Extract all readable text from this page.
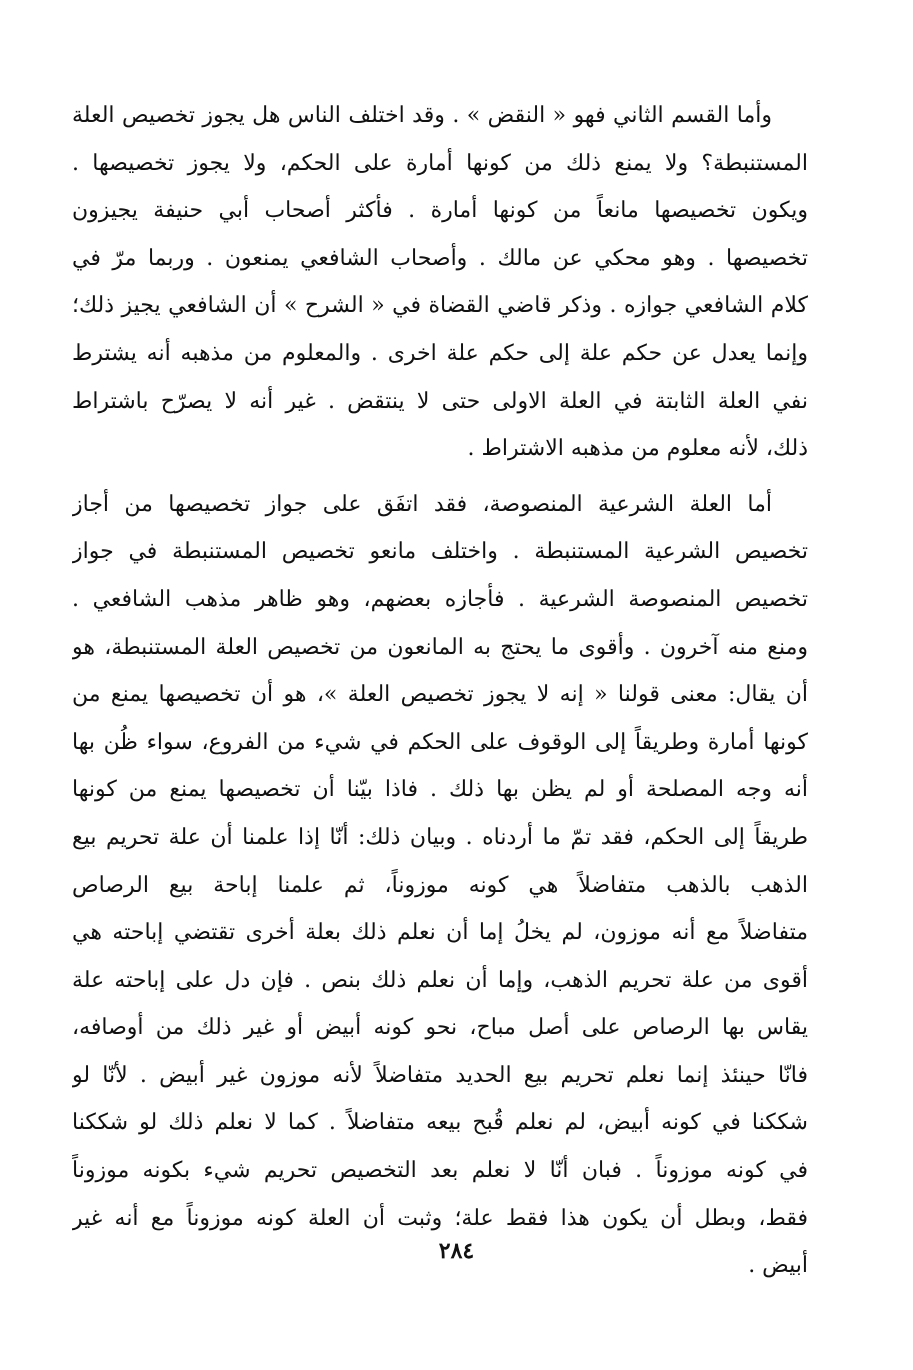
وأما القسم الثاني فهو « النقض » . وقد اختلف الناس هل يجوز تخصيص العلة
المستنبطة؟ ولا يمنع ذلك من كونها أمارة على الحكم، ولا يجوز تخصيصها .
ويكون تخصيصها مانعاً من كونها أمارة . فأكثر أصحاب أبي حنيفة يجيزون
تخصيصها . وهو محكي عن مالك . وأصحاب الشافعي يمنعون . وربما مرّ في
كلام الشافعي جوازه . وذكر قاضي القضاة في « الشرح » أن الشافعي يجيز ذلك؛
وإنما يعدل عن حكم علة إلى حكم علة اخرى . والمعلوم من مذهبه أنه يشترط
نفي العلة الثابتة في العلة الاولى حتى لا ينتقض . غير أنه لا يصرّح باشتراط
ذلك، لأنه معلوم من مذهبه الاشتراط .
أما العلة الشرعية المنصوصة، فقد اتفَق على جواز تخصيصها من أجاز
تخصيص الشرعية المستنبطة . واختلف مانعو تخصيص المستنبطة في جواز
تخصيص المنصوصة الشرعية . فأجازه بعضهم، وهو ظاهر مذهب الشافعي .
ومنع منه آخرون . وأقوى ما يحتج به المانعون من تخصيص العلة المستنبطة، هو
أن يقال: معنى قولنا « إنه لا يجوز تخصيص العلة »، هو أن تخصيصها يمنع من
كونها أمارة وطريقاً إلى الوقوف على الحكم في شيء من الفروع، سواء ظُن بها
أنه وجه المصلحة أو لم يظن بها ذلك . فاذا بيّنا أن تخصيصها يمنع من كونها
طريقاً إلى الحكم، فقد تمّ ما أردناه . وبيان ذلك: أنّا إذا علمنا أن علة تحريم بيع
الذهب بالذهب متفاضلاً هي كونه موزوناً، ثم علمنا إباحة بيع الرصاص
متفاضلاً مع أنه موزون، لم يخلُ إما أن نعلم ذلك بعلة أخرى تقتضي إباحته هي
أقوى من علة تحريم الذهب، وإما أن نعلم ذلك بنص . فإن دل على إباحته علة
يقاس بها الرصاص على أصل مباح، نحو كونه أبيض أو غير ذلك من أوصافه،
فانّا حينئذ إنما نعلم تحريم بيع الحديد متفاضلاً لأنه موزون غير أبيض . لأنّا لو
شككنا في كونه أبيض، لم نعلم قُبح بيعه متفاضلاً . كما لا نعلم ذلك لو شككنا
في كونه موزوناً . فبان أنّا لا نعلم بعد التخصيص تحريم شيء بكونه موزوناً
فقط، وبطل أن يكون هذا فقط علة؛ وثبت أن العلة كونه موزوناً مع أنه غير
أبيض .
٢٨٤
